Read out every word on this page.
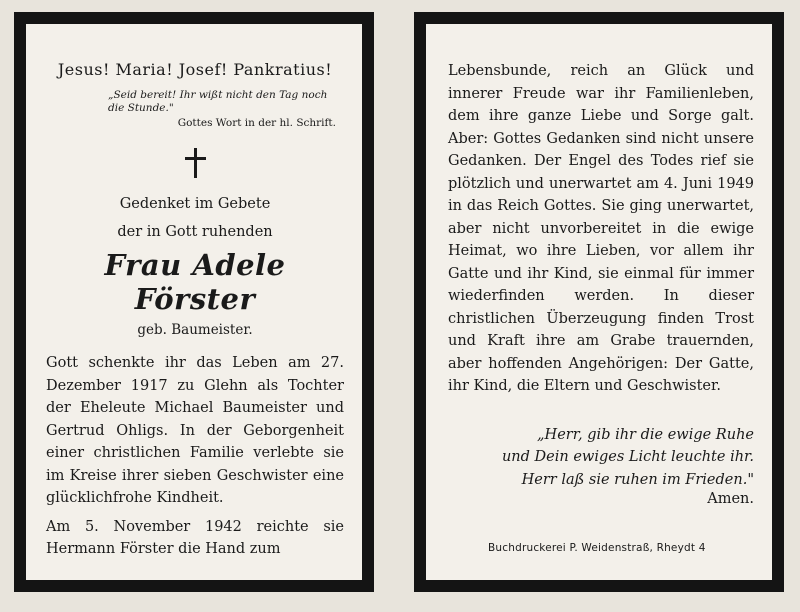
Jesus! Maria! Josef! Pankratius!

„Seid bereit! Ihr wißt nicht den Tag noch die Stunde."

Gottes Wort in der hl. Schrift.

Gedenket im Gebete

der in Gott ruhenden

Frau Adele Förster

geb. Baumeister.

Gott schenkte ihr das Leben am 27. Dezember 1917 zu Glehn als Tochter der Eheleute Michael Baumeister und Gertrud Ohligs. In der Geborgenheit einer christlichen Familie verlebte sie im Kreise ihrer sieben Geschwister eine glücklichfrohe Kindheit.

Am 5. November 1942 reichte sie Hermann Förster die Hand zum

Lebensbunde, reich an Glück und innerer Freude war ihr Familienleben, dem ihre ganze Liebe und Sorge galt. Aber: Gottes Gedanken sind nicht unsere Gedanken. Der Engel des Todes rief sie plötzlich und unerwartet am 4. Juni 1949 in das Reich Gottes. Sie ging unerwartet, aber nicht unvorbereitet in die ewige Heimat, wo ihre Lieben, vor allem ihr Gatte und ihr Kind, sie einmal für immer wiederfinden werden. In dieser christlichen Überzeugung finden Trost und Kraft ihre am Grabe trauernden, aber hoffenden Angehörigen: Der Gatte, ihr Kind, die Eltern und Geschwister.

„Herr, gib ihr die ewige Ruhe
und Dein ewiges Licht leuchte ihr.
Herr laß sie ruhen im Frieden."

Amen.

Buchdruckerei P. Weidenstraß, Rheydt 4
